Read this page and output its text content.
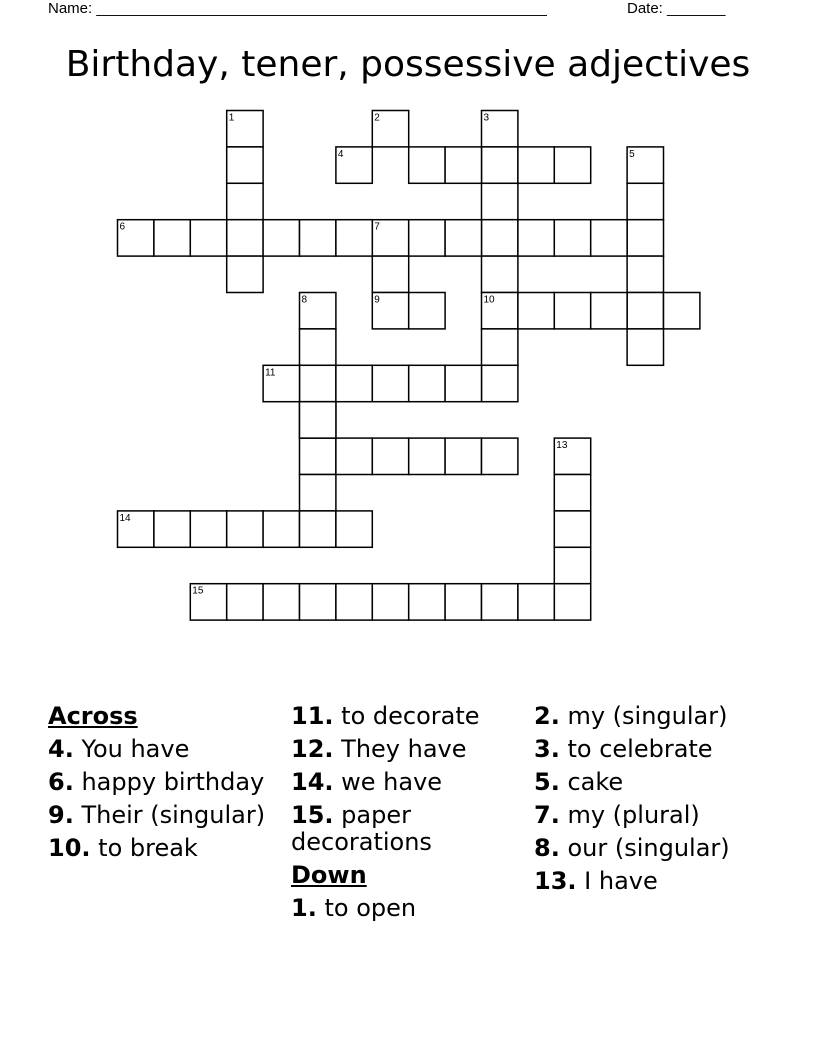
Name: ______________________________________________________	Date: _______
Birthday, tener, possessive adjectives
1	2
7
9
3
10
4	5
6
8
11
13
14
15
Across
4. You have
6. happy birthday
9. Their (singular)
10. to break
11. to decorate
12. They have
14. we have
15. paper decorations
Down
1. to open
2. my (singular)
3. to celebrate
5. cake
7. my (plural)
8. our (singular)
13. I have
